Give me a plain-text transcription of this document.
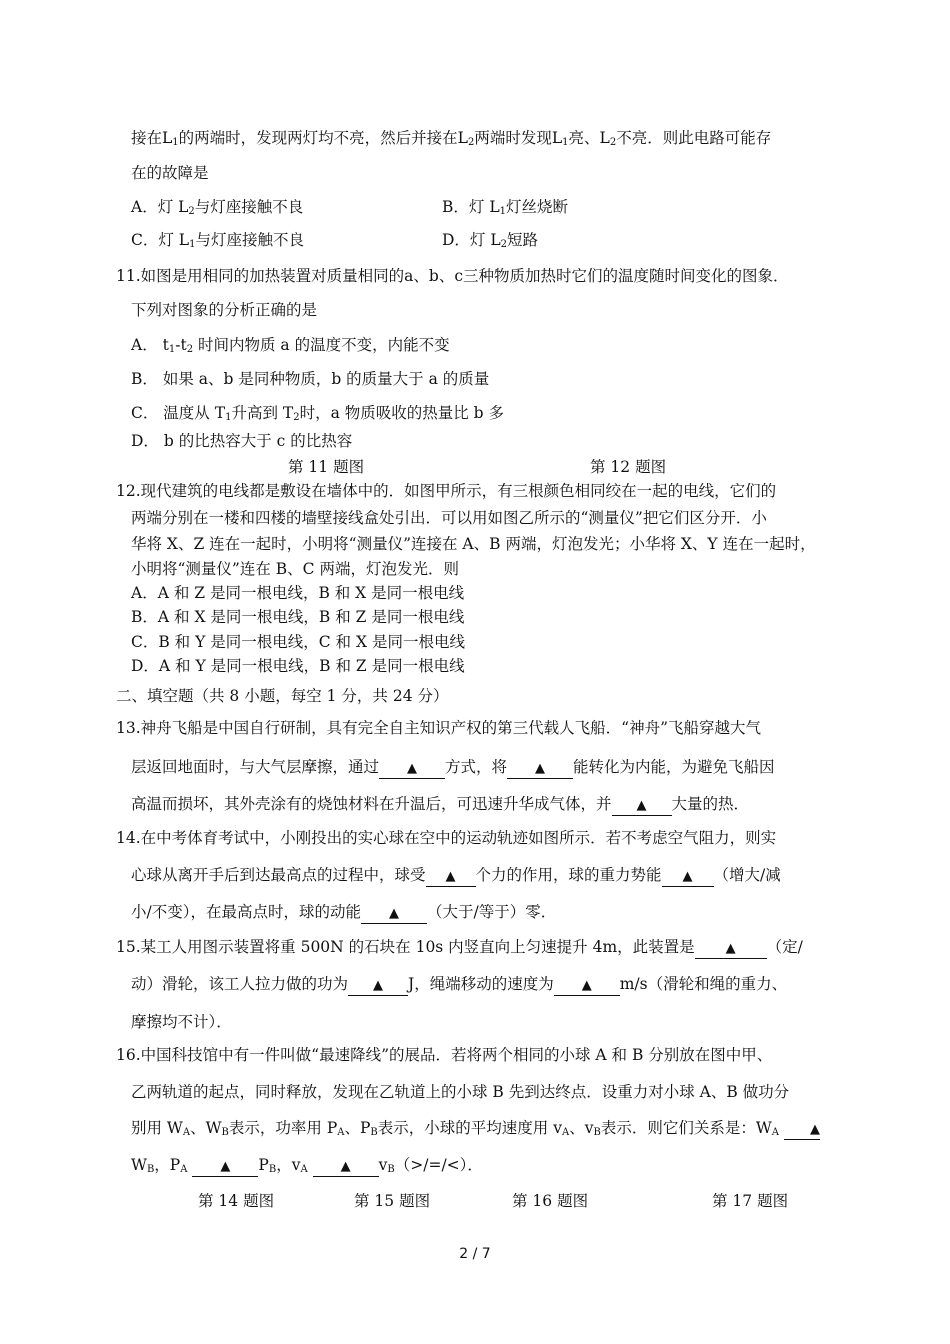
接在$L_1$的两端时，发现两灯均不亮，然后并接在$L_2$两端时发现$L_1$亮、$L_2$不亮．则此电路可能存
在的故障是
A．灯 $L_2$与灯座接触不良	B．灯 $L_1$灯丝烧断
C．灯 $L_1$与灯座接触不良	D．灯 $L_2$短路
11.如图是用相同的加热装置对质量相同的a、b、c三种物质加热时它们的温度随时间变化的图象．
下列对图象的分析正确的是
A． $t_1-t_2$ 时间内物质 a 的温度不变，内能不变
B． 如果 a、b 是同种物质，b 的质量大于 a 的质量
C． 温度从 $T_1$升高到 $T_2$时，a 物质吸收的热量比 b 多
D． b 的比热容大于 c 的比热容
第 11 题图	第 12 题图
12.现代建筑的电线都是敷设在墙体中的．如图甲所示，有三根颜色相同绞在一起的电线，它们的
两端分别在一楼和四楼的墙壁接线盒处引出．可以用如图乙所示的“测量仪”把它们区分开．小
华将 X、Z 连在一起时，小明将“测量仪”连接在 A、B 两端，灯泡发光；小华将 X、Y 连在一起时，
小明将“测量仪”连在 B、C 两端，灯泡发光．则
A．A 和 Z 是同一根电线，B 和 X 是同一根电线
B．A 和 X 是同一根电线，B 和 Z 是同一根电线
C．B 和 Y 是同一根电线，C 和 X 是同一根电线
D．A 和 Y 是同一根电线，B 和 Z 是同一根电线
二、填空题（共 8 小题，每空 1 分，共 24 分）
13.神舟飞船是中国自行研制，具有完全自主知识产权的第三代载人飞船．“神舟”飞船穿越大气
层返回地面时，与大气层摩擦，通过 ▲ 方式，将 ▲ 能转化为内能，为避免飞船因
高温而损坏，其外壳涂有的烧蚀材料在升温后，可迅速升华成气体，并 ▲ 大量的热．
14.在中考体育考试中，小刚投出的实心球在空中的运动轨迹如图所示．若不考虑空气阻力，则实
心球从离开手后到达最高点的过程中，球受 ▲ 个力的作用，球的重力势能 ▲ （增大/减
小/不变），在最高点时，球的动能 ▲ （大于/等于）零．
15.某工人用图示装置将重 500N 的石块在 10s 内竖直向上匀速提升 4m，此装置是 ▲ （定/
动）滑轮，该工人拉力做的功为 ▲ J，绳端移动的速度为 ▲ m/s（滑轮和绳的重力、
摩擦均不计）．
16.中国科技馆中有一件叫做“最速降线”的展品．若将两个相同的小球 A 和 B 分别放在图中甲、
乙两轨道的起点，同时释放，发现在乙轨道上的小球 B 先到达终点．设重力对小球 A、B 做功分
别用 $W_A$、$W_B$表示，功率用 $P_A$、$P_B$表示，小球的平均速度用 $v_A$、$v_B$表示．则它们关系是：$W_A$ ▲
$W_B$，$P_A$	▲ $P_B$，$v_A$	▲ $v_B(>/=/<)$．
第 14 题图	第 15 题图	第 16 题图	第 17 题图
2 / 7
